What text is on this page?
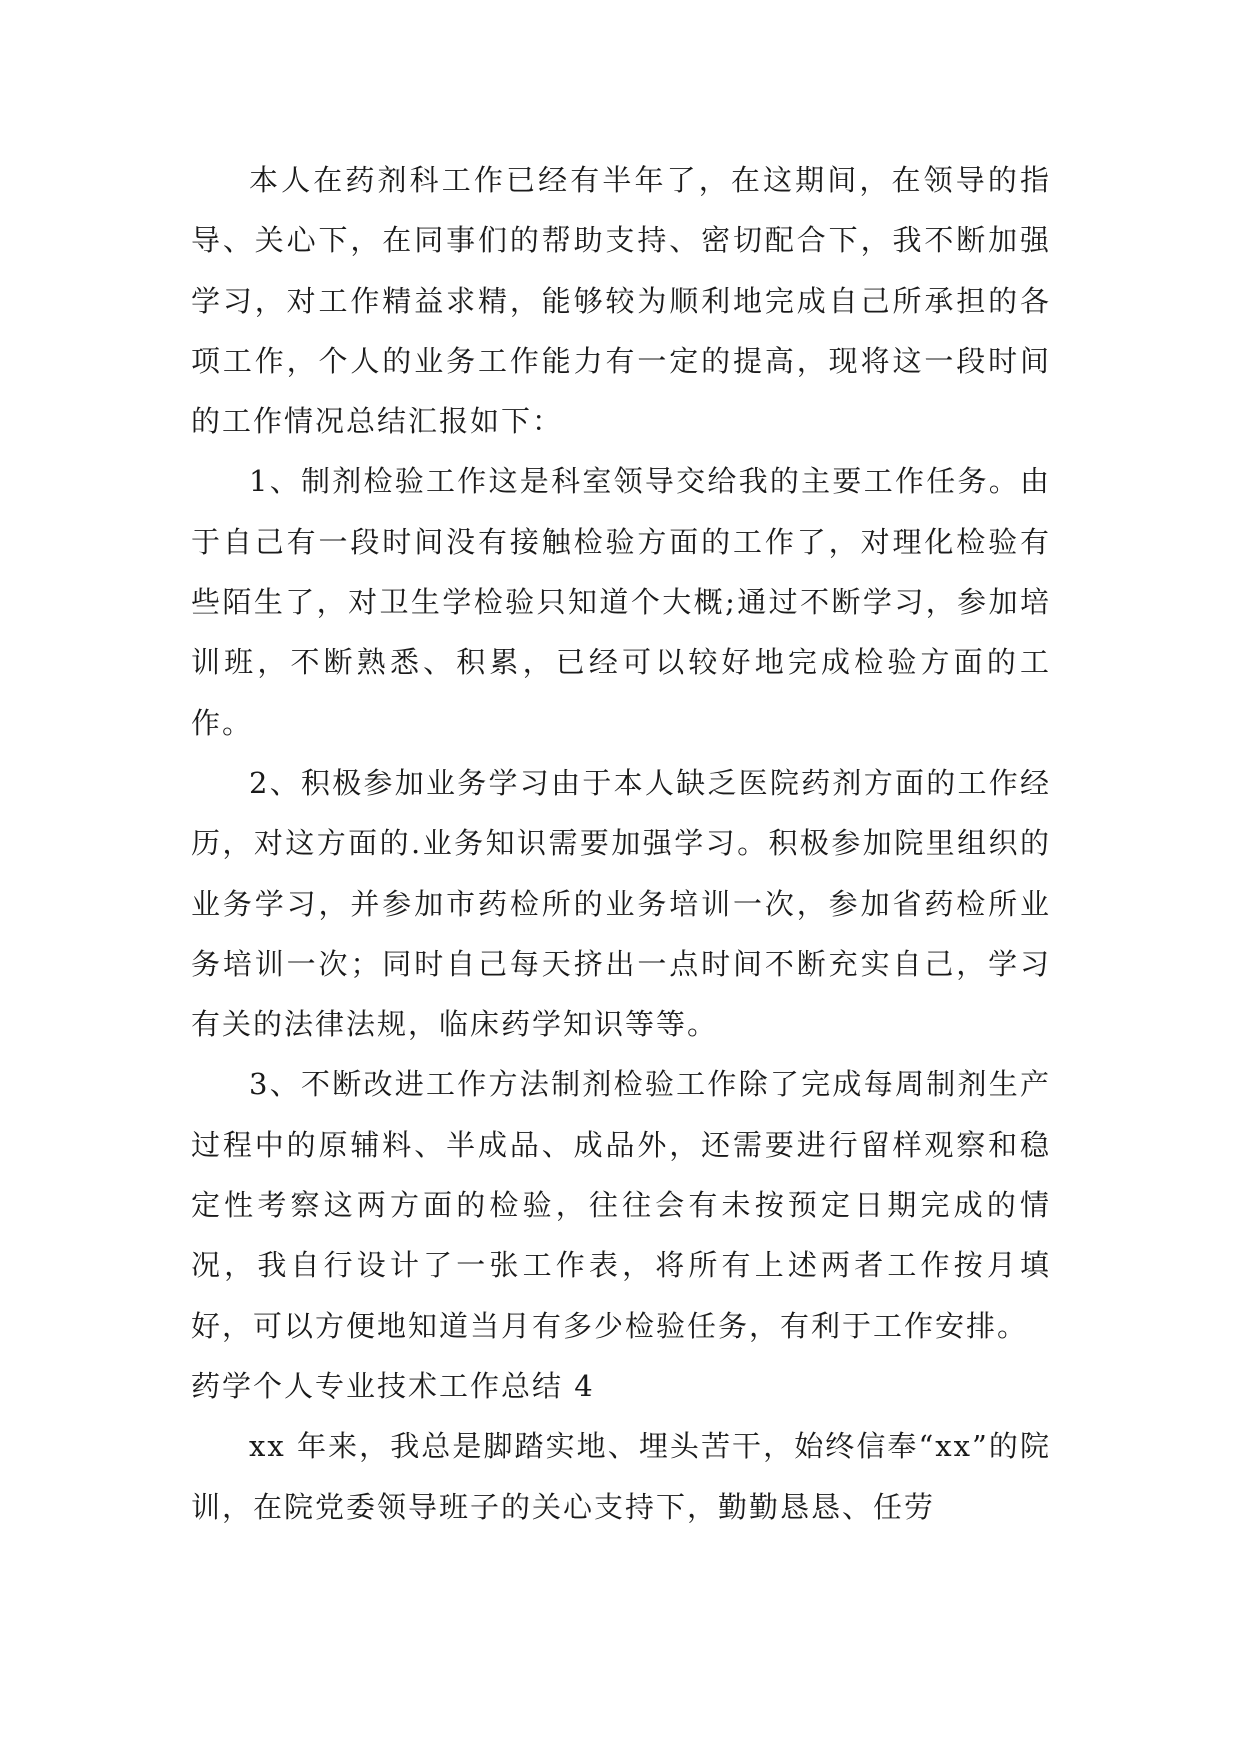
本人在药剂科工作已经有半年了，在这期间，在领导的指导、关心下，在同事们的帮助支持、密切配合下，我不断加强学习，对工作精益求精，能够较为顺利地完成自己所承担的各项工作，个人的业务工作能力有一定的提高，现将这一段时间的工作情况总结汇报如下：

1、制剂检验工作这是科室领导交给我的主要工作任务。由于自己有一段时间没有接触检验方面的工作了，对理化检验有些陌生了，对卫生学检验只知道个大概;通过不断学习，参加培训班，不断熟悉、积累，已经可以较好地完成检验方面的工作。

2、积极参加业务学习由于本人缺乏医院药剂方面的工作经历，对这方面的.业务知识需要加强学习。积极参加院里组织的业务学习，并参加市药检所的业务培训一次，参加省药检所业务培训一次；同时自己每天挤出一点时间不断充实自己，学习有关的法律法规，临床药学知识等等。

3、不断改进工作方法制剂检验工作除了完成每周制剂生产过程中的原辅料、半成品、成品外，还需要进行留样观察和稳定性考察这两方面的检验，往往会有未按预定日期完成的情况，我自行设计了一张工作表，将所有上述两者工作按月填好，可以方便地知道当月有多少检验任务，有利于工作安排。

药学个人专业技术工作总结 4

xx 年来，我总是脚踏实地、埋头苦干，始终信奉“xx”的院训，在院党委领导班子的关心支持下，勤勤恳恳、任劳
